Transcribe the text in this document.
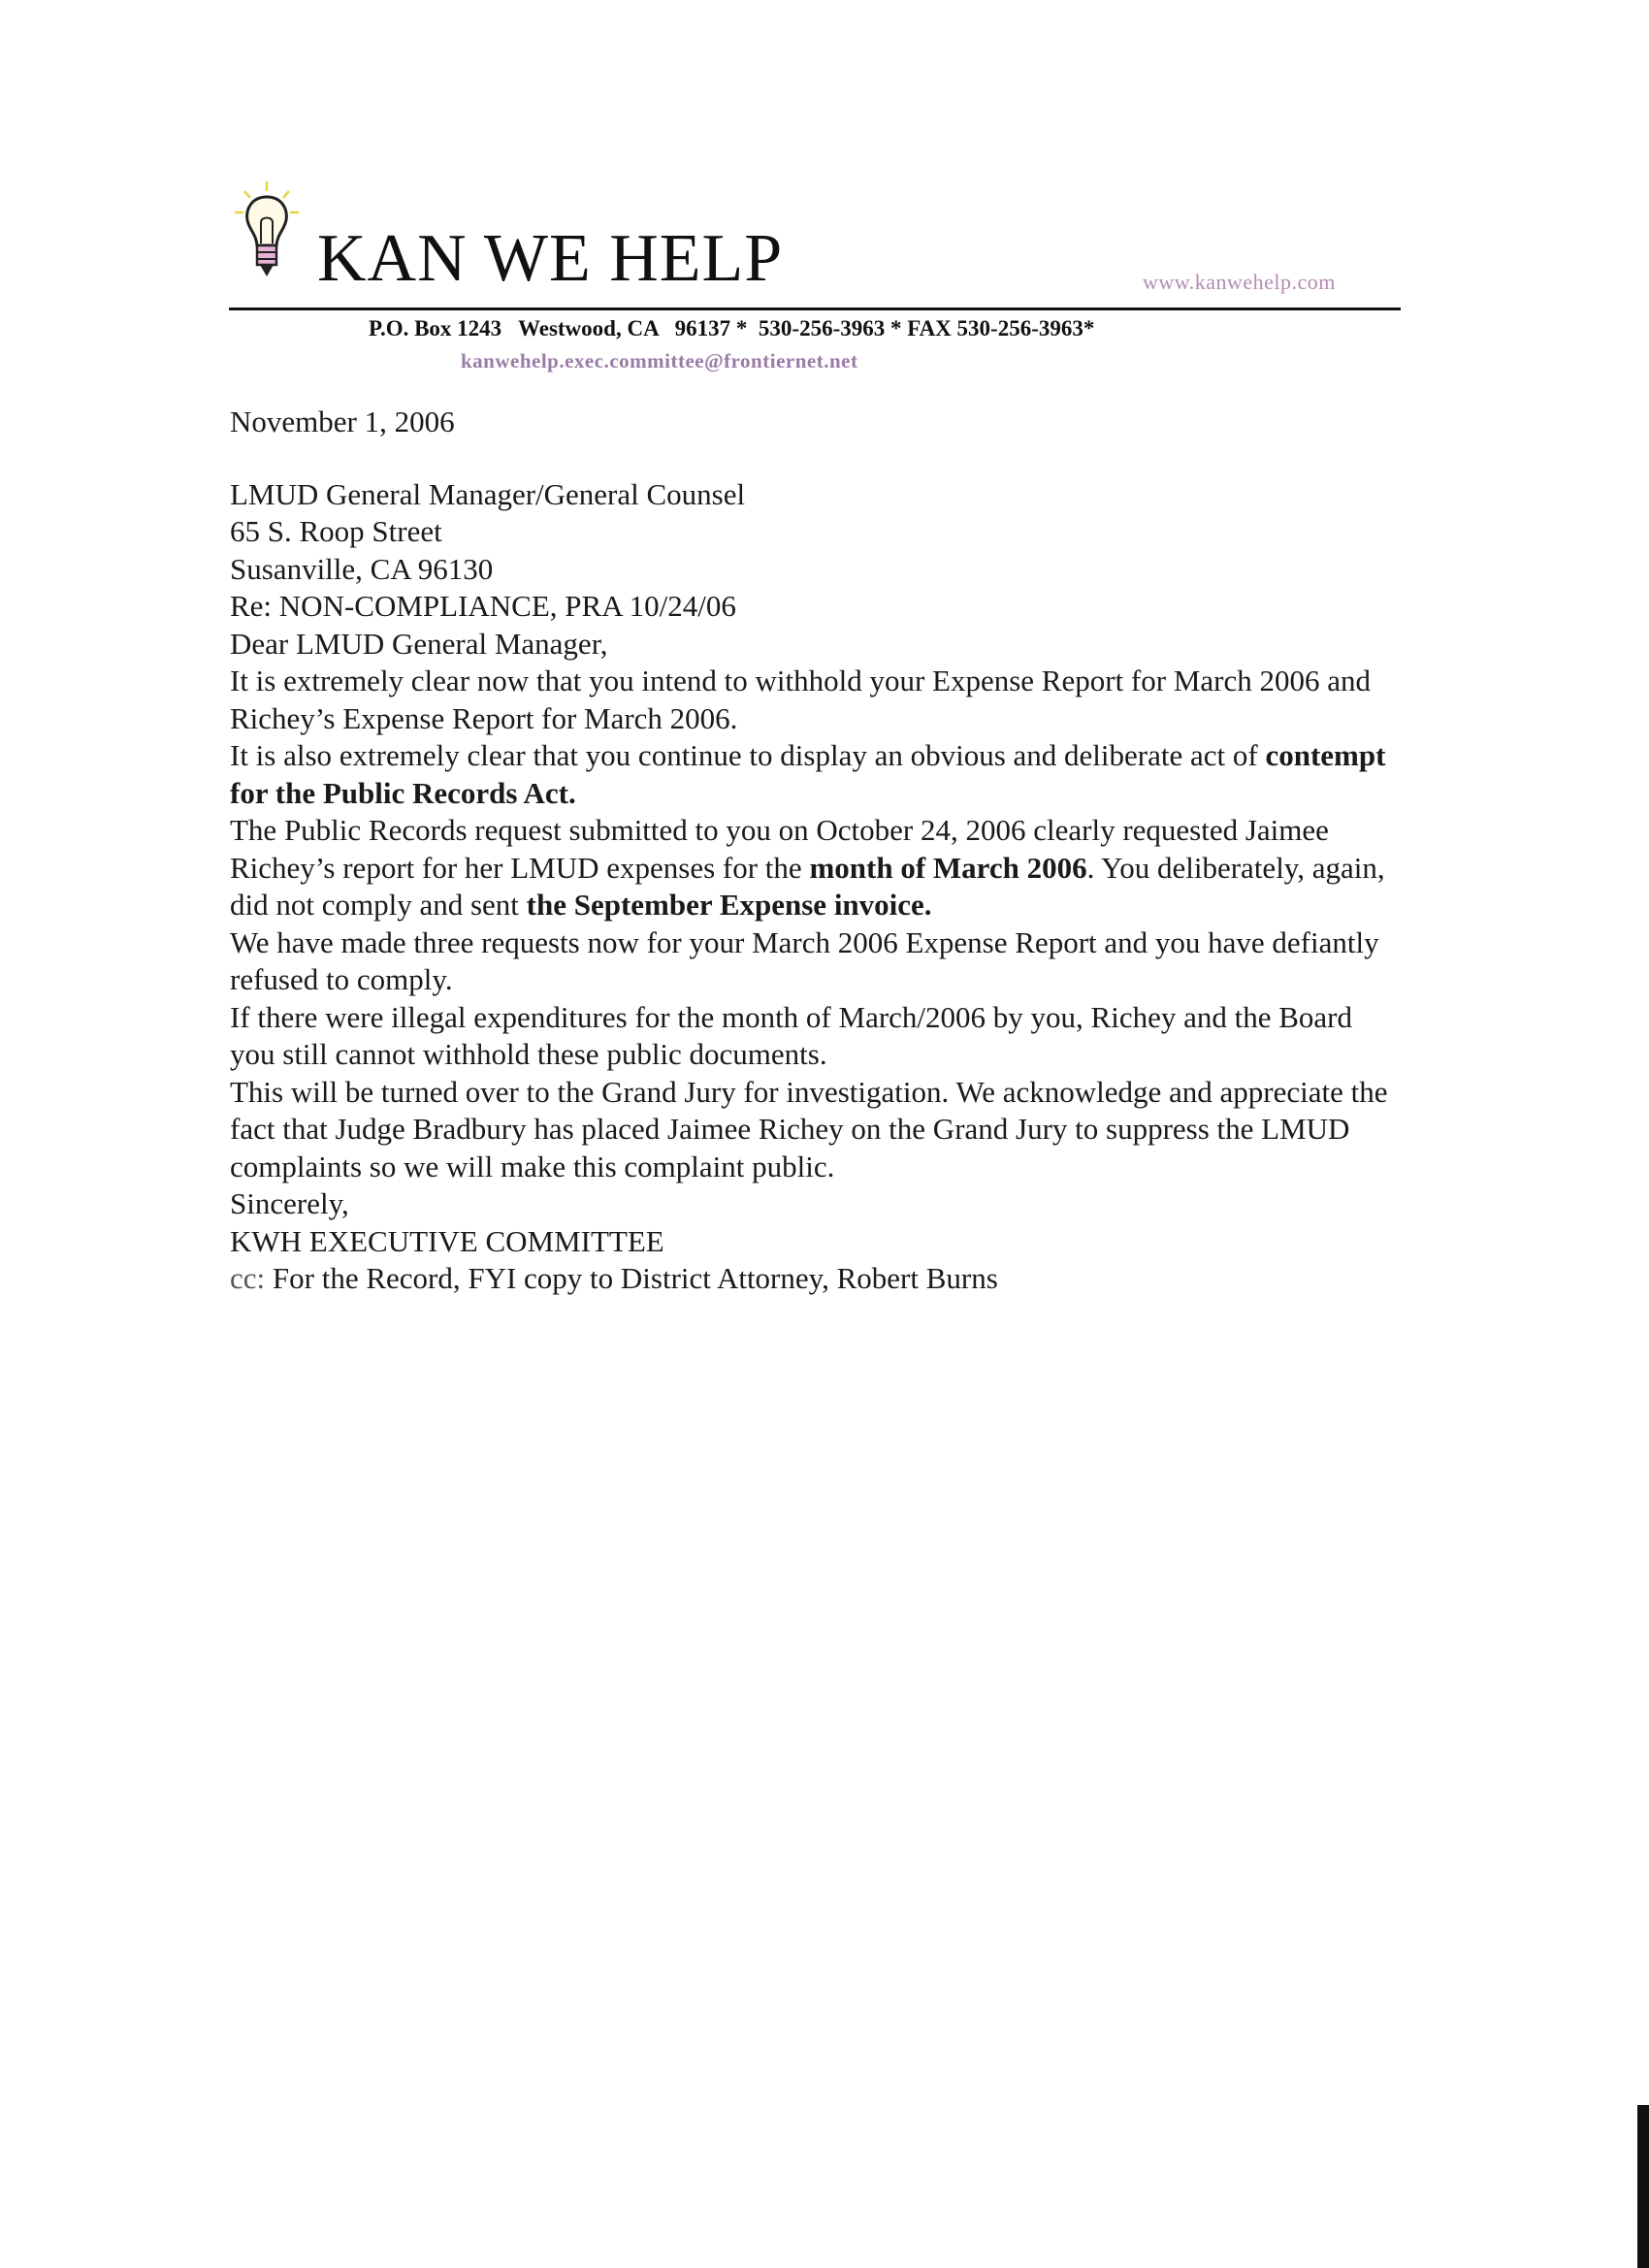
KAN WE HELP	www.kanwehelp.com
P.O. Box 1243   Westwood, CA   96137 *  530-256-3963 * FAX 530-256-3963*
kanwehelp.exec.committee@frontiernet.net

November 1, 2006

LMUD General Manager/General Counsel

65 S. Roop Street

Susanville, CA 96130

Re: NON-COMPLIANCE, PRA 10/24/06

Dear LMUD General Manager,

It is extremely clear now that you intend to withhold your Expense Report for March 2006 and Richey’s Expense Report for March 2006.

It is also extremely clear that you continue to display an obvious and deliberate act of contempt for the Public Records Act.

The Public Records request submitted to you on October 24, 2006 clearly requested Jaimee Richey’s report for her LMUD expenses for the month of March 2006. You deliberately, again, did not comply and sent the September Expense invoice.

We have made three requests now for your March 2006 Expense Report and you have defiantly refused to comply.

If there were illegal expenditures for the month of March/2006 by you, Richey and the Board you still cannot withhold these public documents.

This will be turned over to the Grand Jury for investigation. We acknowledge and appreciate the fact that Judge Bradbury has placed Jaimee Richey on the Grand Jury to suppress the LMUD complaints so we will make this complaint public.

Sincerely,

KWH EXECUTIVE COMMITTEE

cc: For the Record, FYI copy to District Attorney, Robert Burns
